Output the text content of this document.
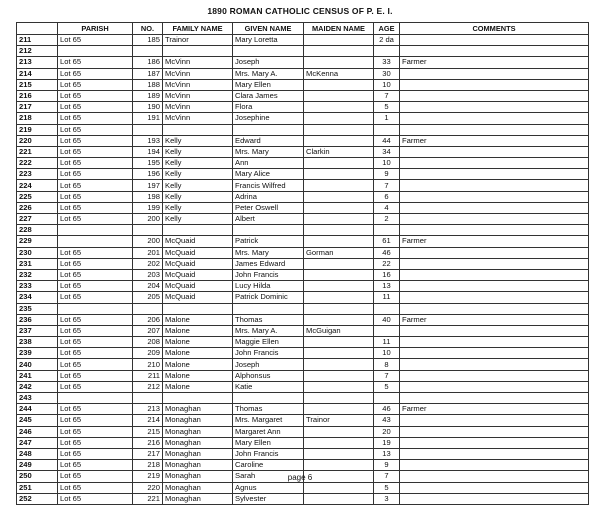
1890 ROMAN CATHOLIC CENSUS OF P. E. I.
	PARISH	NO.	FAMILY NAME	GIVEN NAME	MAIDEN NAME	AGE	COMMENTS
211	Lot 65	185	Trainor	Mary Loretta		2 da	
212							
213	Lot 65	186	McVinn	Joseph		33	Farmer
214	Lot 65	187	McVinn	Mrs. Mary A.	McKenna	30	
215	Lot 65	188	McVinn	Mary Ellen		10	
216	Lot 65	189	McVinn	Clara James		7	
217	Lot 65	190	McVinn	Flora		5	
218	Lot 65	191	McVinn	Josephine		1	
219	Lot 65						
220	Lot 65	193	Kelly	Edward		44	Farmer
221	Lot 65	194	Kelly	Mrs. Mary	Clarkin	34	
222	Lot 65	195	Kelly	Ann		10	
223	Lot 65	196	Kelly	Mary Alice		9	
224	Lot 65	197	Kelly	Francis Wilfred		7	
225	Lot 65	198	Kelly	Adrina		6	
226	Lot 65	199	Kelly	Peter Oswell		4	
227	Lot 65	200	Kelly	Albert		2	
228							
229		200	McQuaid	Patrick		61	Farmer
230	Lot 65	201	McQuaid	Mrs. Mary	Gorman	46	
231	Lot 65	202	McQuaid	James Edward		22	
232	Lot 65	203	McQuaid	John Francis		16	
233	Lot 65	204	McQuaid	Lucy Hilda		13	
234	Lot 65	205	McQuaid	Patrick Dominic		11	
235							
236	Lot 65	206	Malone	Thomas		40	Farmer
237	Lot 65	207	Malone	Mrs. Mary A.	McGuigan		
238	Lot 65	208	Malone	Maggie Ellen		11	
239	Lot 65	209	Malone	John Francis		10	
240	Lot 65	210	Malone	Joseph		8	
241	Lot 65	211	Malone	Alphonsus		7	
242	Lot 65	212	Malone	Katie		5	
243							
244	Lot 65	213	Monaghan	Thomas		46	Farmer
245	Lot 65	214	Monaghan	Mrs. Margaret	Trainor	43	
246	Lot 65	215	Monaghan	Margaret Ann		20	
247	Lot 65	216	Monaghan	Mary Ellen		19	
248	Lot 65	217	Monaghan	John Francis		13	
249	Lot 65	218	Monaghan	Caroline		9	
250	Lot 65	219	Monaghan	Sarah		7	
251	Lot 65	220	Monaghan	Agnus		5	
252	Lot 65	221	Monaghan	Sylvester		3	
page 6
